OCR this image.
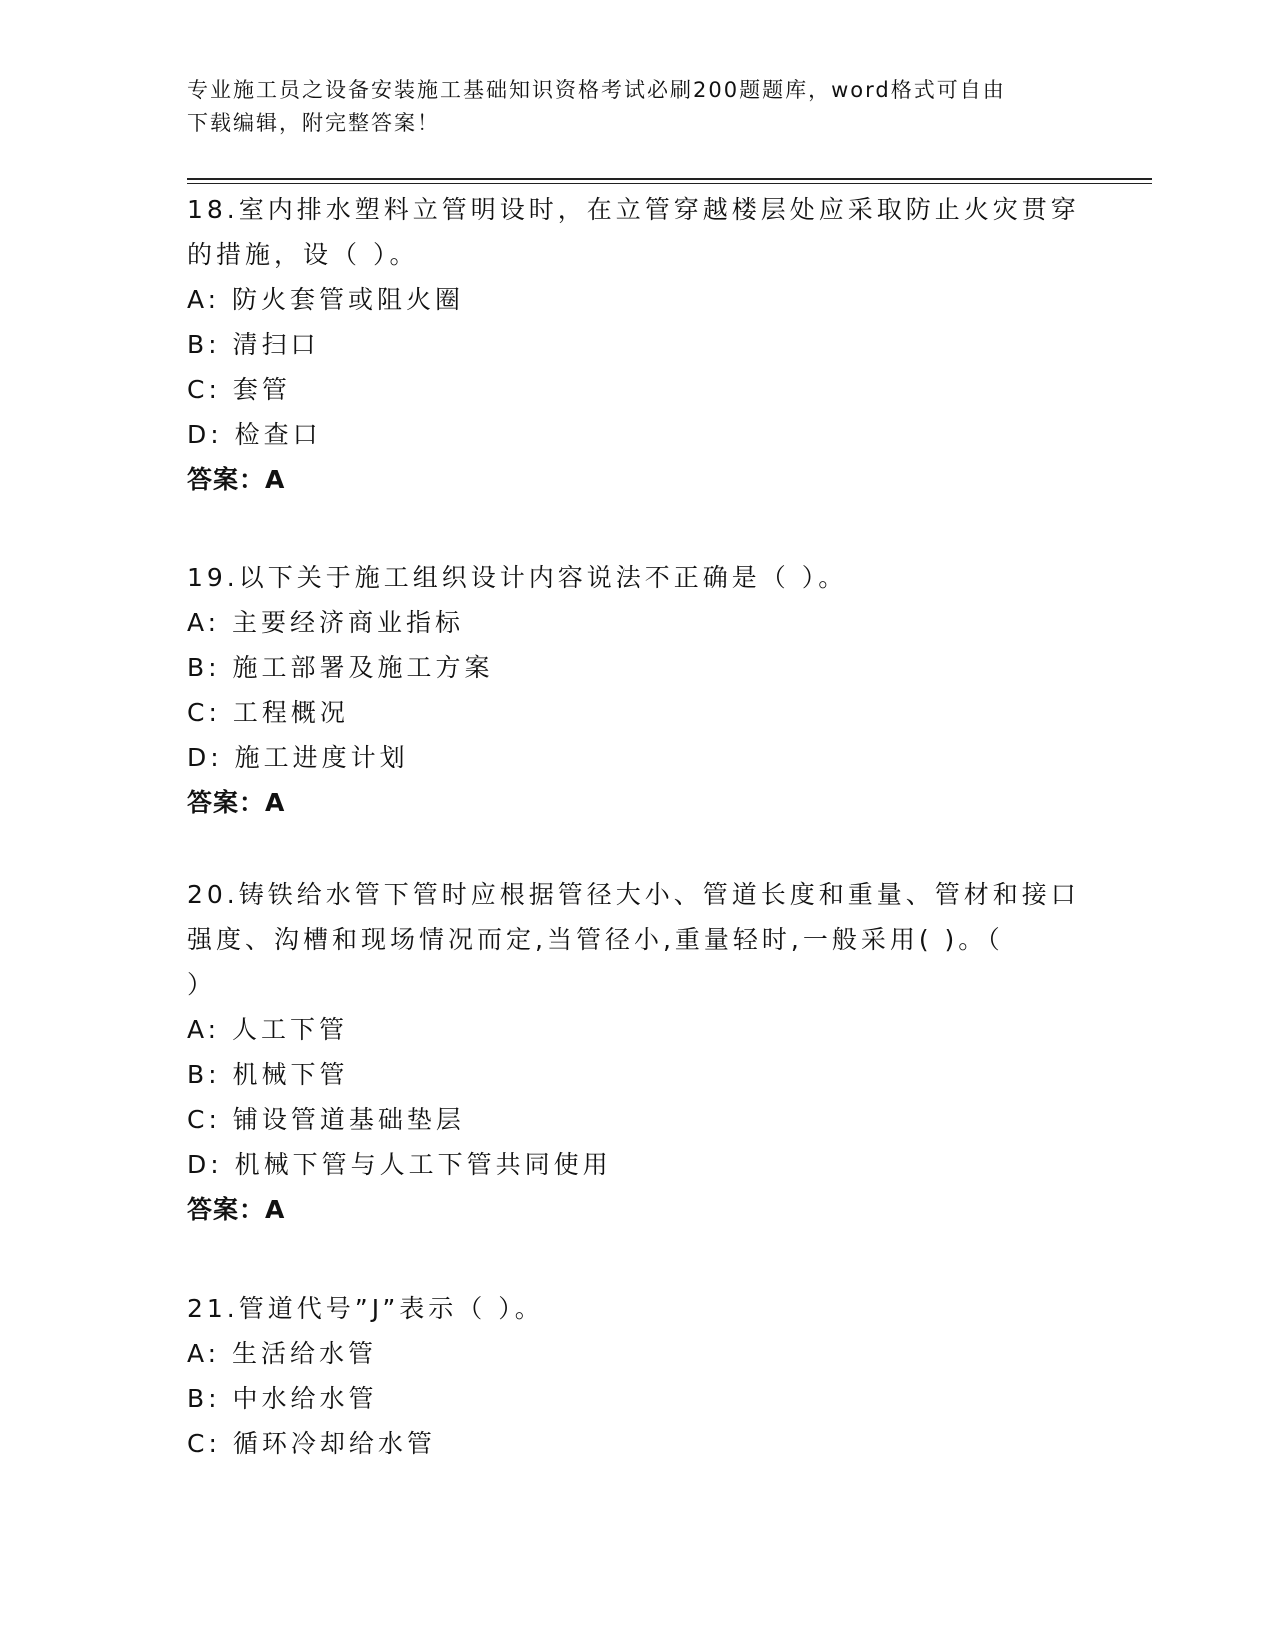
专业施工员之设备安装施工基础知识资格考试必刷200题题库，word格式可自由
下载编辑，附完整答案！
18.室内排水塑料立管明设时，在立管穿越楼层处应采取防止火灾贯穿
的措施，设（ ）。
A: 防火套管或阻火圈
B: 清扫口
C: 套管
D: 检查口
答案：A
19.以下关于施工组织设计内容说法不正确是（ ）。
A: 主要经济商业指标
B: 施工部署及施工方案
C: 工程概况
D: 施工进度计划
答案：A
20.铸铁给水管下管时应根据管径大小、管道长度和重量、管材和接口
强度、沟槽和现场情况而定,当管径小,重量轻时,一般采用( )。（
）
A: 人工下管
B: 机械下管
C: 铺设管道基础垫层
D: 机械下管与人工下管共同使用
答案：A
21.管道代号”J”表示（ ）。
A: 生活给水管
B: 中水给水管
C: 循环冷却给水管
